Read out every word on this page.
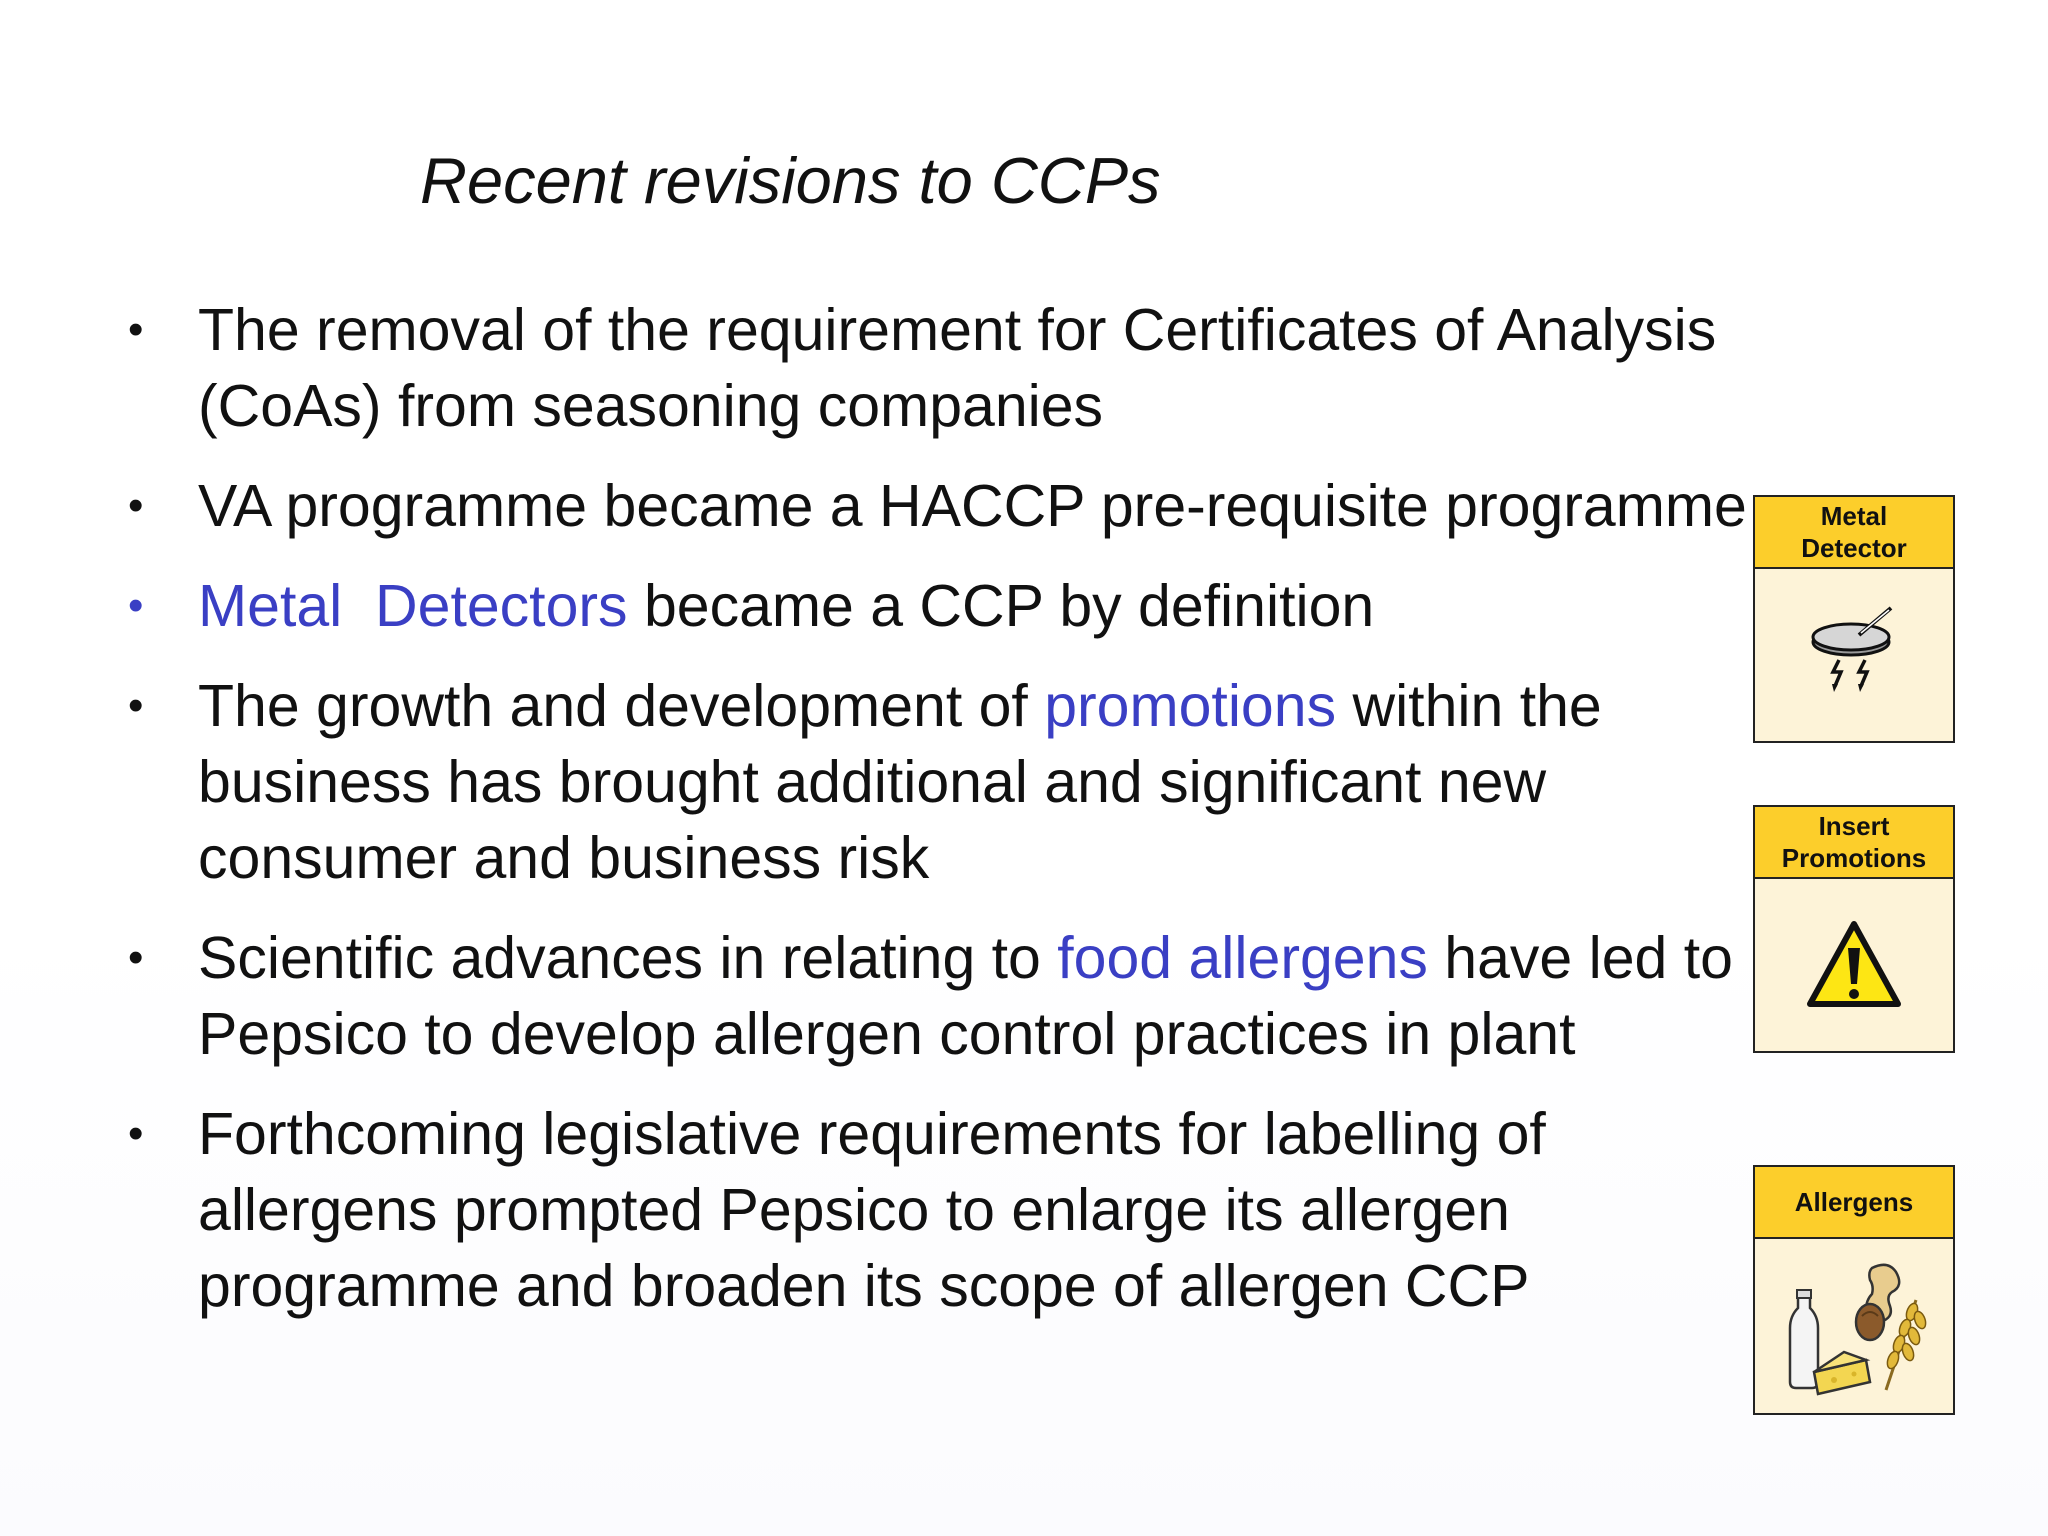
Recent revisions to CCPs
• The removal of the requirement for Certificates of Analysis (CoAs) from seasoning companies
• VA programme became a HACCP pre-requisite programme
• Metal  Detectors became a CCP by definition
• The growth and development of promotions within the business has brought additional and significant new consumer and business risk
• Scientific advances in relating to food allergens have led to Pepsico to develop allergen control practices in plant
• Forthcoming legislative requirements for labelling of allergens prompted Pepsico to enlarge its allergen programme and broaden its scope of allergen CCP
Metal
Detector
Insert
Promotions
Allergens
